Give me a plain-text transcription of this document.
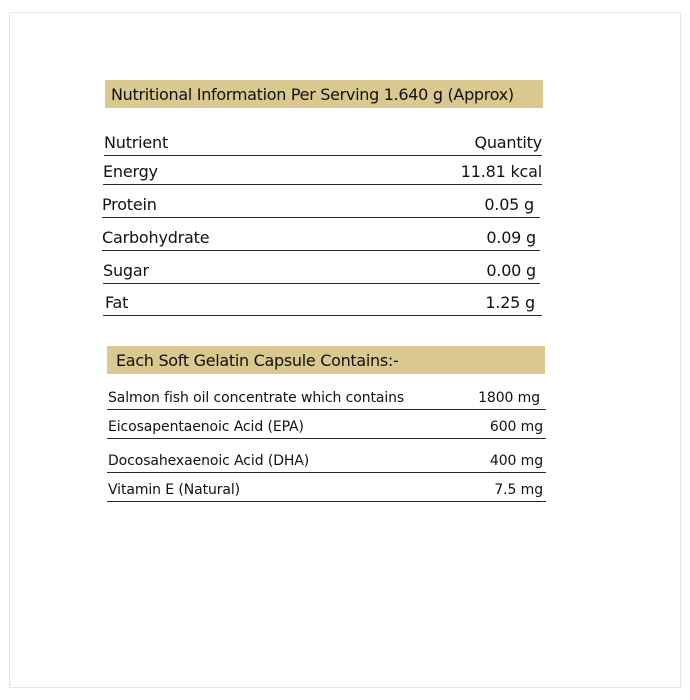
Nutritional Information Per Serving 1.640 g (Approx)
Nutrient	Quantity
Energy	11.81 kcal
Protein	0.05 g
Carbohydrate	0.09 g
Sugar	0.00 g
Fat	1.25 g
Each Soft Gelatin Capsule Contains:-
Salmon fish oil concentrate which contains	1800 mg
Eicosapentaenoic Acid (EPA)	600 mg
Docosahexaenoic Acid (DHA)	400 mg
Vitamin E (Natural)	7.5 mg
